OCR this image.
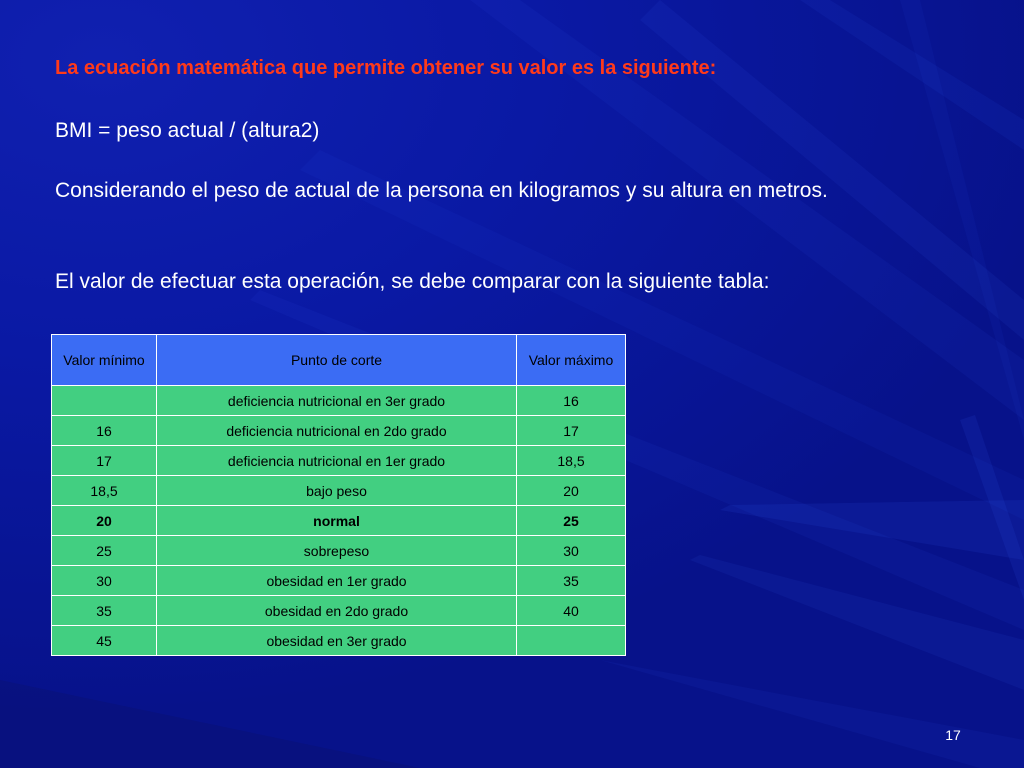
La ecuación matemática que permite obtener su valor es la siguiente:

BMI = peso actual / (altura2)

Considerando el peso de actual de la persona en kilogramos y su altura en metros.

El valor de efectuar esta operación, se debe comparar con la siguiente tabla:

Valor mínimo	Punto de corte	Valor máximo
	deficiencia nutricional en 3er grado	16
16	deficiencia nutricional en 2do grado	17
17	deficiencia nutricional en 1er grado	18,5
18,5	bajo peso	20
20	normal	25
25	sobrepeso	30
30	obesidad en 1er grado	35
35	obesidad en 2do grado	40
45	obesidad en 3er grado	
17
